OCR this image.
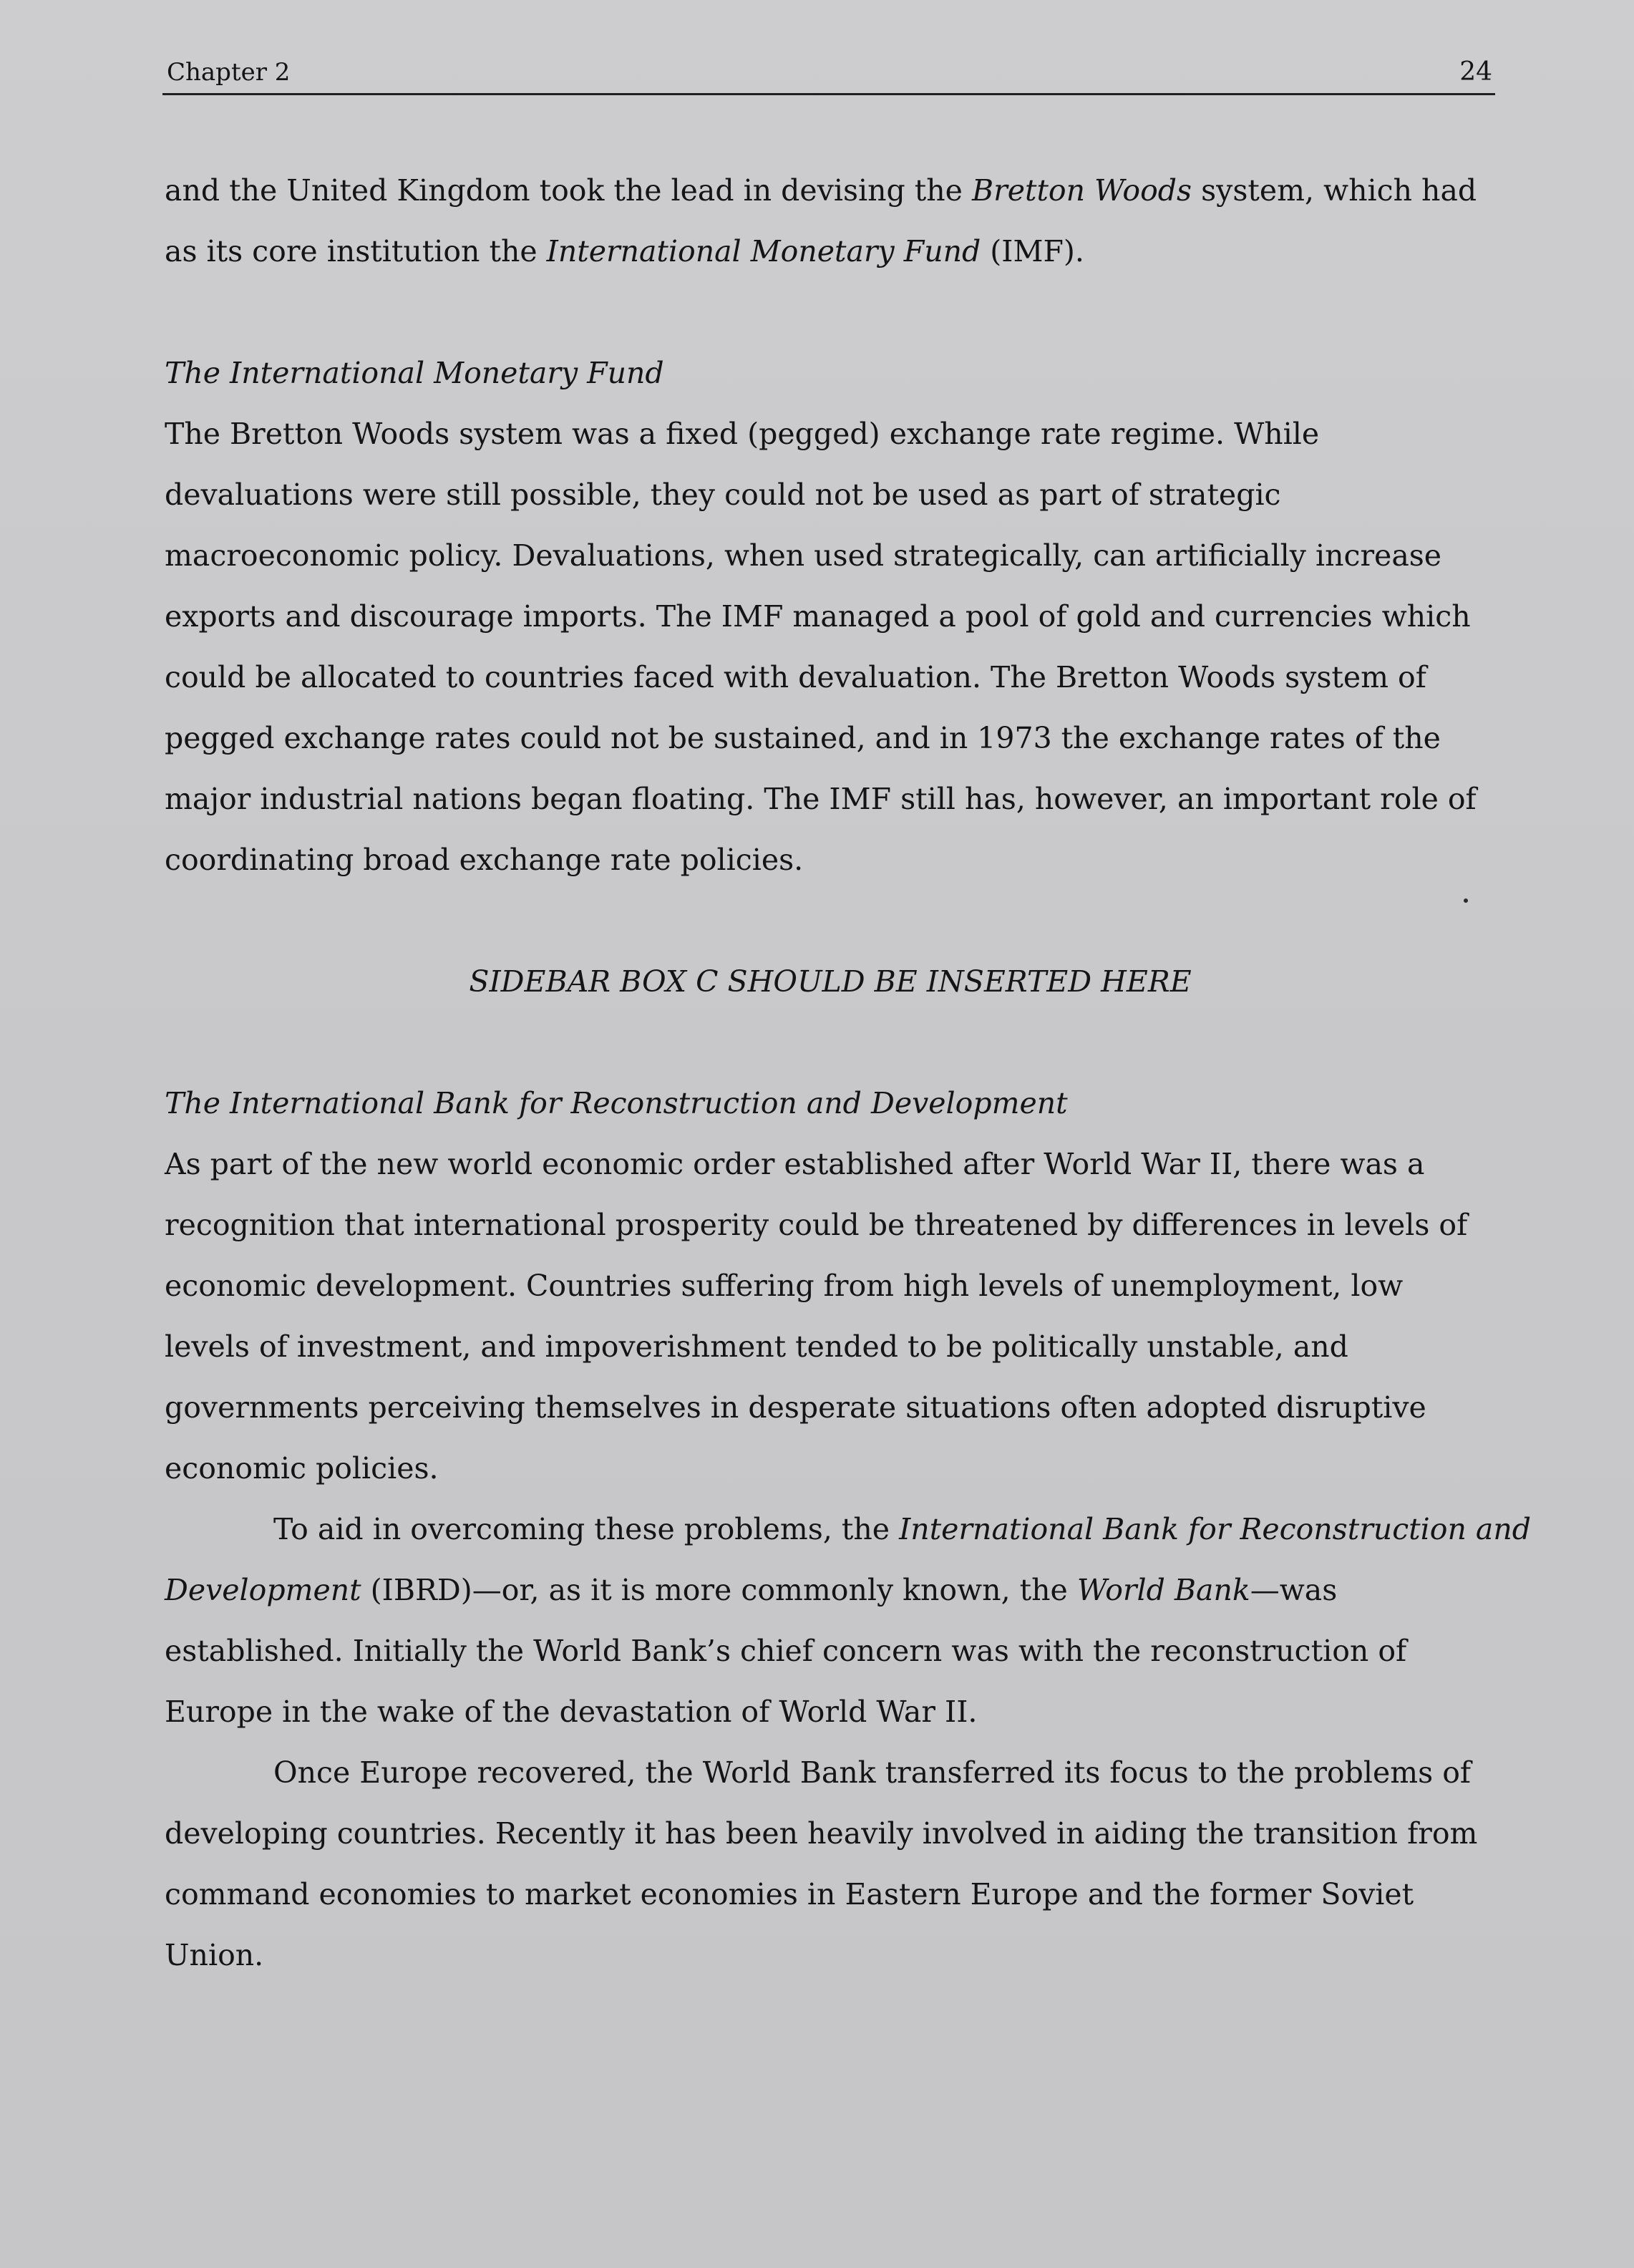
Chapter 2	24
and the United Kingdom took the lead in devising the Bretton Woods system, which had
as its core institution the International Monetary Fund (IMF).
The International Monetary Fund
The Bretton Woods system was a fixed (pegged) exchange rate regime. While
devaluations were still possible, they could not be used as part of strategic
macroeconomic policy. Devaluations, when used strategically, can artificially increase
exports and discourage imports. The IMF managed a pool of gold and currencies which
could be allocated to countries faced with devaluation. The Bretton Woods system of
pegged exchange rates could not be sustained, and in 1973 the exchange rates of the
major industrial nations began floating. The IMF still has, however, an important role of
coordinating broad exchange rate policies.
SIDEBAR BOX C SHOULD BE INSERTED HERE
The International Bank for Reconstruction and Development
As part of the new world economic order established after World War II, there was a
recognition that international prosperity could be threatened by differences in levels of
economic development. Countries suffering from high levels of unemployment, low
levels of investment, and impoverishment tended to be politically unstable, and
governments perceiving themselves in desperate situations often adopted disruptive
economic policies.
To aid in overcoming these problems, the International Bank for Reconstruction and
Development (IBRD)—or, as it is more commonly known, the World Bank—was
established. Initially the World Bank’s chief concern was with the reconstruction of
Europe in the wake of the devastation of World War II.
Once Europe recovered, the World Bank transferred its focus to the problems of
developing countries. Recently it has been heavily involved in aiding the transition from
command economies to market economies in Eastern Europe and the former Soviet
Union.
